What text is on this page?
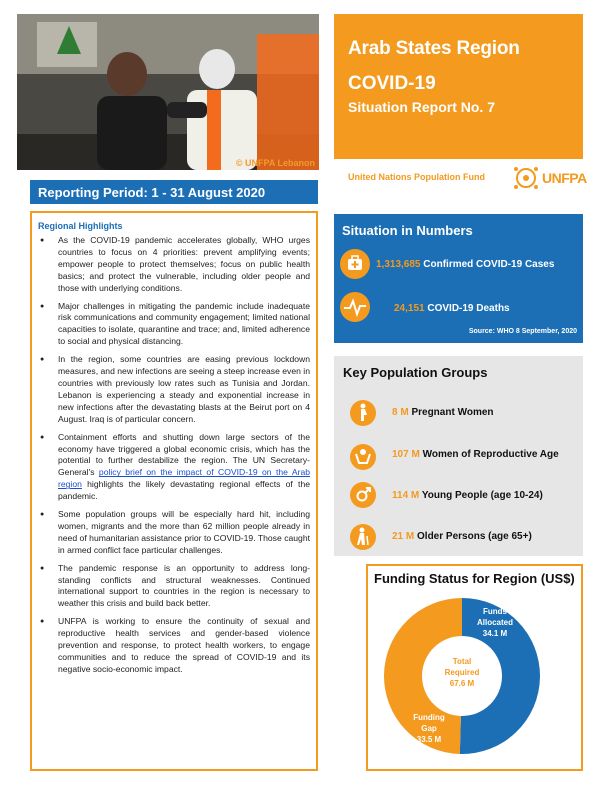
© UNFPA Lebanon
Arab States Region
COVID-19
Situation Report No. 7
United Nations Population Fund	UNFPA
Reporting Period: 1 - 31 August 2020
Regional Highlights
● As the COVID-19 pandemic accelerates globally, WHO urges countries to focus on 4 priorities: prevent amplifying events; empower people to protect themselves; focus on public health basics; and protect the vulnerable, including older people and those with underlying conditions.
● Major challenges in mitigating the pandemic include inadequate risk communications and community engagement; limited national capacities to isolate, quarantine and trace; and, limited adherence to social and physical distancing.
● In the region, some countries are easing previous lockdown measures, and new infections are seeing a steep increase even in countries with previously low rates such as Tunisia and Jordan. Lebanon is experiencing a steady and exponential increase in new infections after the devastating blasts at the Beirut port on 4 August. Iraq is of particular concern.
● Containment efforts and shutting down large sectors of the economy have triggered a global economic crisis, which has the potential to further destabilize the region. The UN Secretary-General's policy brief on the impact of COVID-19 on the Arab region highlights the likely devastating regional effects of the pandemic.
● Some population groups will be especially hard hit, including women, migrants and the more than 62 million people already in need of humanitarian assistance prior to COVID-19. Those caught in armed conflict face particular challenges.
● The pandemic response is an opportunity to address long-standing conflicts and structural weaknesses. Continued international support to countries in the region is necessary to weather this crisis and build back better.
● UNFPA is working to ensure the continuity of sexual and reproductive health services and gender-based violence prevention and response, to protect health workers, to engage communities and to reduce the spread of COVID-19 and its negative socio-economic impact.
Situation in Numbers
1,313,685 Confirmed COVID-19 Cases
24,151 COVID-19 Deaths
Source: WHO 8 September, 2020
Key Population Groups
8 M Pregnant Women
107 M Women of Reproductive Age
114 M Young People (age 10-24)
21 M Older Persons (age 65+)
Funding Status for Region (US$)
Funds
Allocated
34.1 M
Total
Required
67.6 M
Funding
Gap
33.5 M
